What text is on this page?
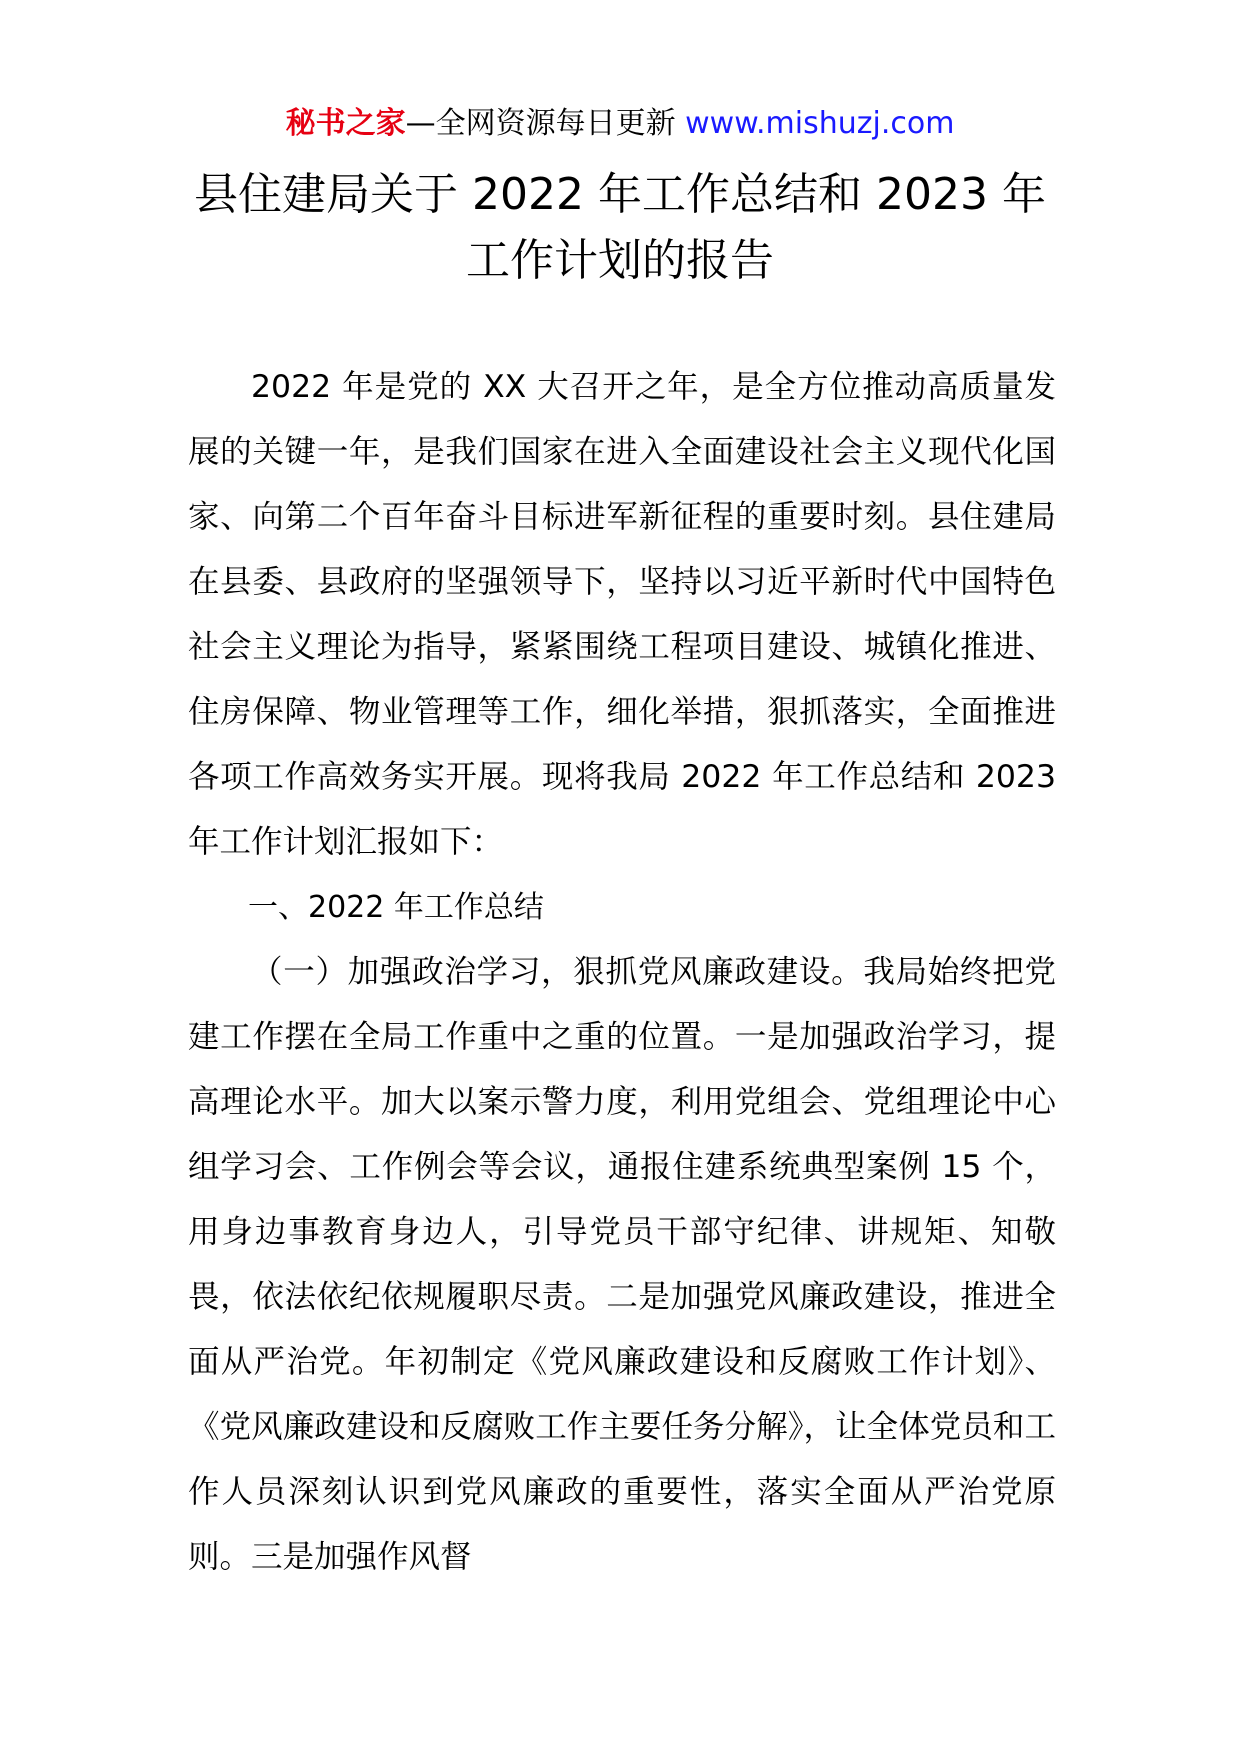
秘书之家—全网资源每日更新 www.mishuzj.com
县住建局关于 2022 年工作总结和 2023 年
工作计划的报告

2022 年是党的 XX 大召开之年，是全方位推动高质量发展的关键一年，是我们国家在进入全面建设社会主义现代化国家、向第二个百年奋斗目标进军新征程的重要时刻。县住建局在县委、县政府的坚强领导下，坚持以习近平新时代中国特色社会主义理论为指导，紧紧围绕工程项目建设、城镇化推进、住房保障、物业管理等工作，细化举措，狠抓落实，全面推进各项工作高效务实开展。现将我局 2022 年工作总结和 2023 年工作计划汇报如下：

一、2022 年工作总结

（一）加强政治学习，狠抓党风廉政建设。我局始终把党建工作摆在全局工作重中之重的位置。一是加强政治学习，提高理论水平。加大以案示警力度，利用党组会、党组理论中心组学习会、工作例会等会议，通报住建系统典型案例 15 个，用身边事教育身边人，引导党员干部守纪律、讲规矩、知敬畏，依法依纪依规履职尽责。二是加强党风廉政建设，推进全面从严治党。年初制定《党风廉政建设和反腐败工作计划》、《党风廉政建设和反腐败工作主要任务分解》，让全体党员和工作人员深刻认识到党风廉政的重要性，落实全面从严治党原则。三是加强作风督
